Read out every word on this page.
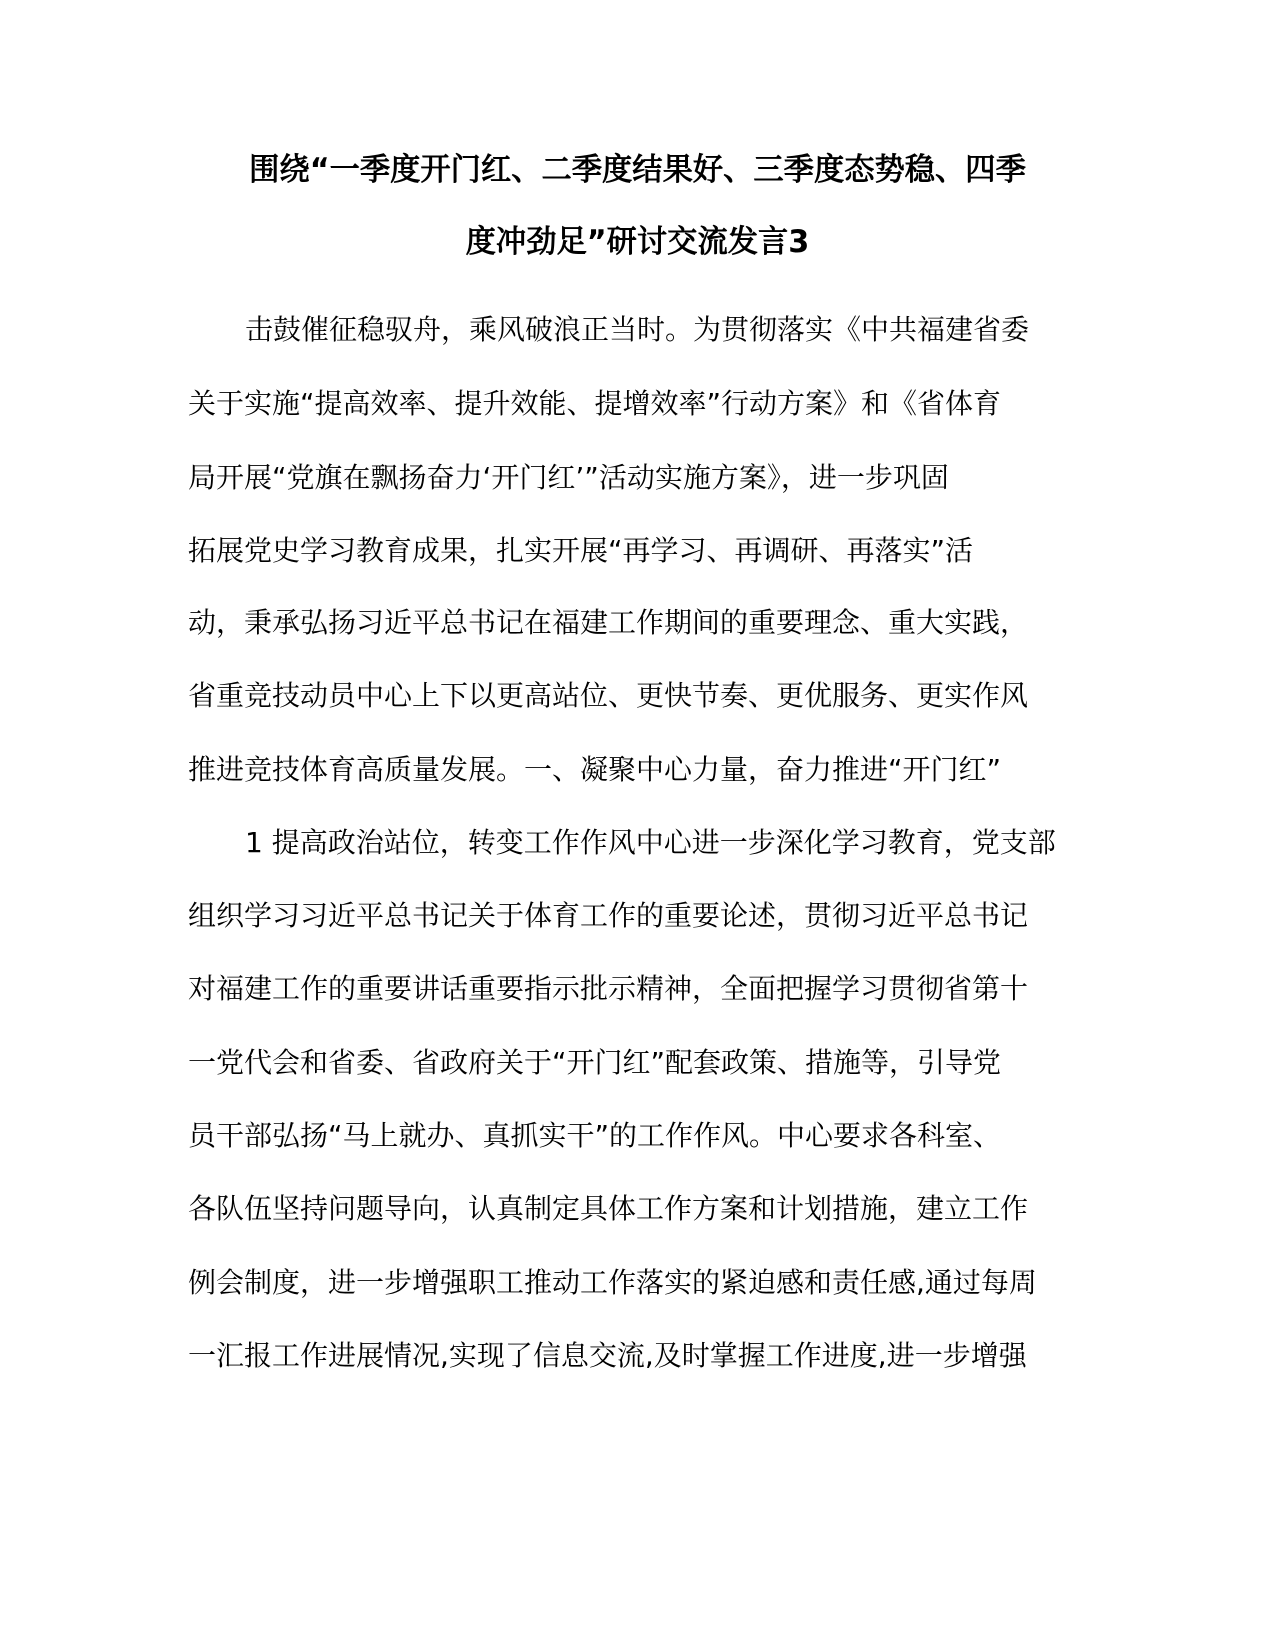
围绕“一季度开门红、二季度结果好、三季度态势稳、四季
度冲劲足”研讨交流发言3
击鼓催征稳驭舟，乘风破浪正当时。为贯彻落实《中共福建省委
关于实施“提高效率、提升效能、提增效率”行动方案》和《省体育
局开展“党旗在飘扬奋力‘开门红’”活动实施方案》，进一步巩固
拓展党史学习教育成果，扎实开展“再学习、再调研、再落实”活
动，秉承弘扬习近平总书记在福建工作期间的重要理念、重大实践，
省重竞技动员中心上下以更高站位、更快节奏、更优服务、更实作风
推进竞技体育高质量发展。一、凝聚中心力量，奋力推进“开门红”
1 提高政治站位，转变工作作风中心进一步深化学习教育，党支部
组织学习习近平总书记关于体育工作的重要论述，贯彻习近平总书记
对福建工作的重要讲话重要指示批示精神，全面把握学习贯彻省第十
一党代会和省委、省政府关于“开门红”配套政策、措施等，引导党
员干部弘扬“马上就办、真抓实干”的工作作风。中心要求各科室、
各队伍坚持问题导向，认真制定具体工作方案和计划措施，建立工作
例会制度，进一步增强职工推动工作落实的紧迫感和责任感,通过每周
一汇报工作进展情况,实现了信息交流,及时掌握工作进度,进一步增强
